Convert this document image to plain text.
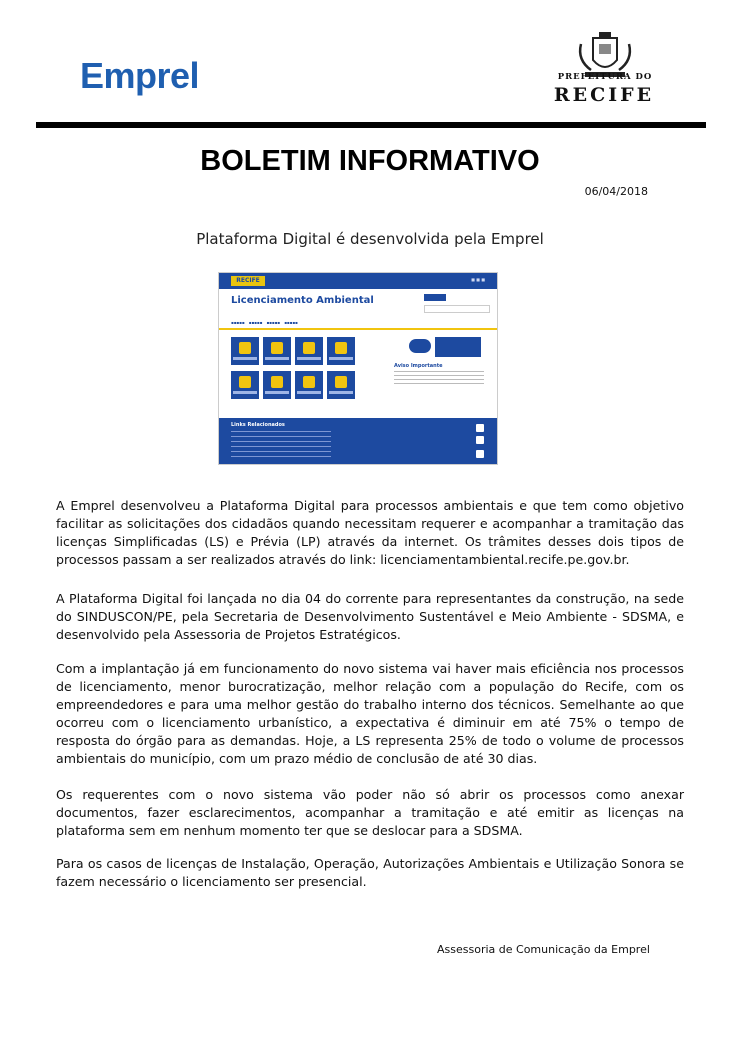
Emprel	PREFEITURA DO
RECIFE
BOLETIM INFORMATIVO
06/04/2018
Plataforma Digital é desenvolvida pela Emprel
RECIFE	■ ■ ■
Licenciamento Ambiental
▪▪▪▪▪   ▪▪▪▪▪   ▪▪▪▪▪   ▪▪▪▪▪
Aviso Importante
Links Relacionados

A Emprel desenvolveu a Plataforma Digital para processos ambientais e que tem como objetivo facilitar as solicitações dos cidadãos quando necessitam requerer e acompanhar a tramitação das licenças Simplificadas (LS) e Prévia (LP) através da internet. Os trâmites desses dois tipos de processos passam a ser realizados através do link: licenciamentambiental.recife.pe.gov.br.

A Plataforma Digital foi lançada no dia 04 do corrente para representantes da construção, na sede do SINDUSCON/PE, pela Secretaria de Desenvolvimento Sustentável e Meio Ambiente - SDSMA, e desenvolvido pela Assessoria de Projetos Estratégicos.

Com a implantação já em funcionamento do novo sistema vai haver mais eficiência nos processos de licenciamento, menor burocratização, melhor relação com a população do Recife, com os empreendedores e para uma melhor gestão do trabalho interno dos técnicos. Semelhante ao que ocorreu com o licenciamento urbanístico, a expectativa é diminuir em até 75% o tempo de resposta do órgão para as demandas. Hoje, a LS representa 25% de todo o volume de processos ambientais do município, com um prazo médio de conclusão de até 30 dias.

Os requerentes com o novo sistema vão poder não só abrir os processos como anexar documentos, fazer esclarecimentos, acompanhar a tramitação e até emitir as licenças na plataforma sem em nenhum momento ter que se deslocar para a SDSMA.

Para os casos de licenças de Instalação, Operação, Autorizações Ambientais e Utilização Sonora se fazem necessário o licenciamento ser presencial.

Assessoria de Comunicação da Emprel
